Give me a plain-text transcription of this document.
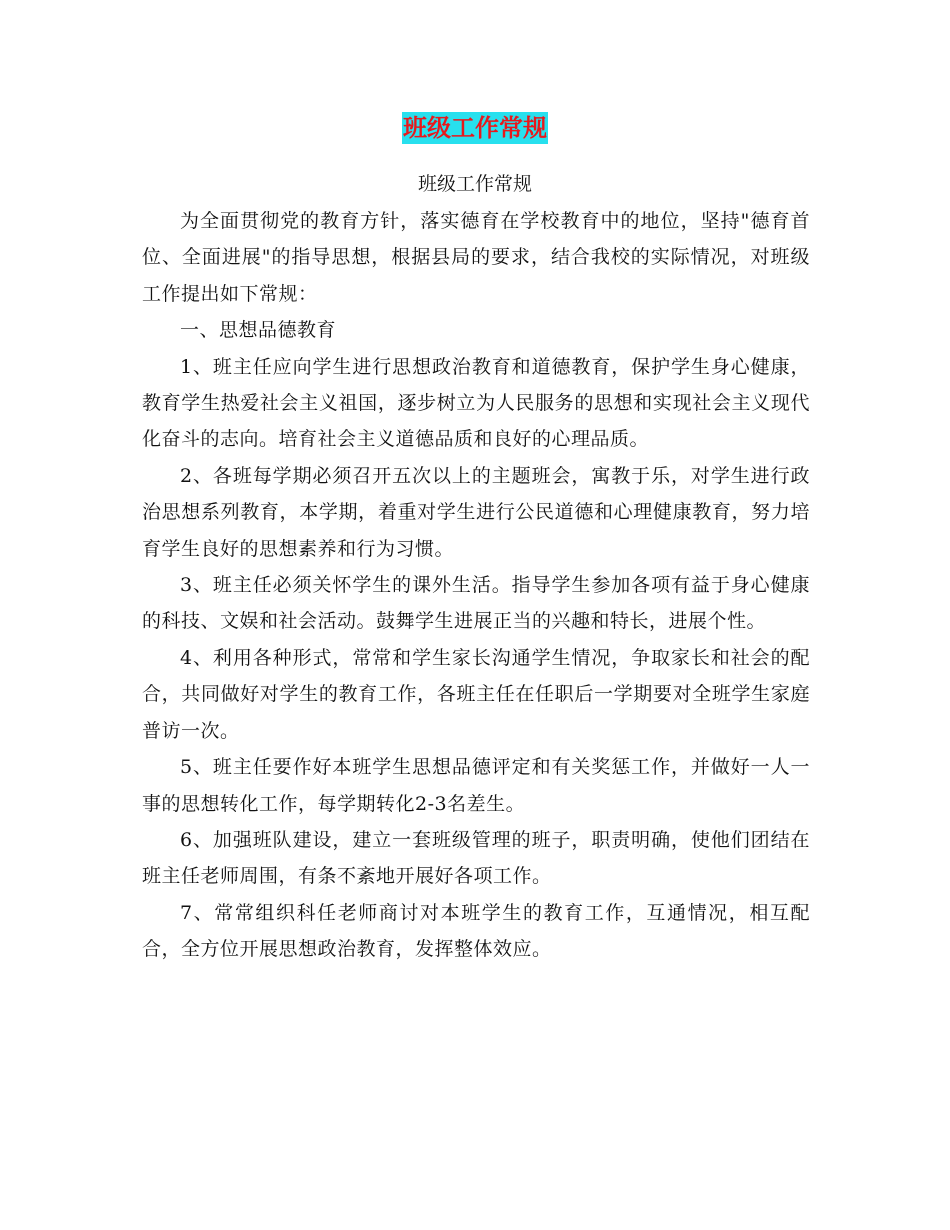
班级工作常规
班级工作常规

为全面贯彻党的教育方针，落实德育在学校教育中的地位，坚持"德育首位、全面进展"的指导思想，根据县局的要求，结合我校的实际情况，对班级工作提出如下常规：

一、思想品德教育

1、班主任应向学生进行思想政治教育和道德教育，保护学生身心健康，教育学生热爱社会主义祖国，逐步树立为人民服务的思想和实现社会主义现代化奋斗的志向。培育社会主义道德品质和良好的心理品质。

2、各班每学期必须召开五次以上的主题班会，寓教于乐，对学生进行政治思想系列教育，本学期，着重对学生进行公民道德和心理健康教育，努力培育学生良好的思想素养和行为习惯。

3、班主任必须关怀学生的课外生活。指导学生参加各项有益于身心健康的科技、文娱和社会活动。鼓舞学生进展正当的兴趣和特长，进展个性。

4、利用各种形式，常常和学生家长沟通学生情况，争取家长和社会的配合，共同做好对学生的教育工作，各班主任在任职后一学期要对全班学生家庭普访一次。

5、班主任要作好本班学生思想品德评定和有关奖惩工作，并做好一人一事的思想转化工作，每学期转化2-3名差生。

6、加强班队建设，建立一套班级管理的班子，职责明确，使他们团结在班主任老师周围，有条不紊地开展好各项工作。

7、常常组织科任老师商讨对本班学生的教育工作，互通情况，相互配合，全方位开展思想政治教育，发挥整体效应。
